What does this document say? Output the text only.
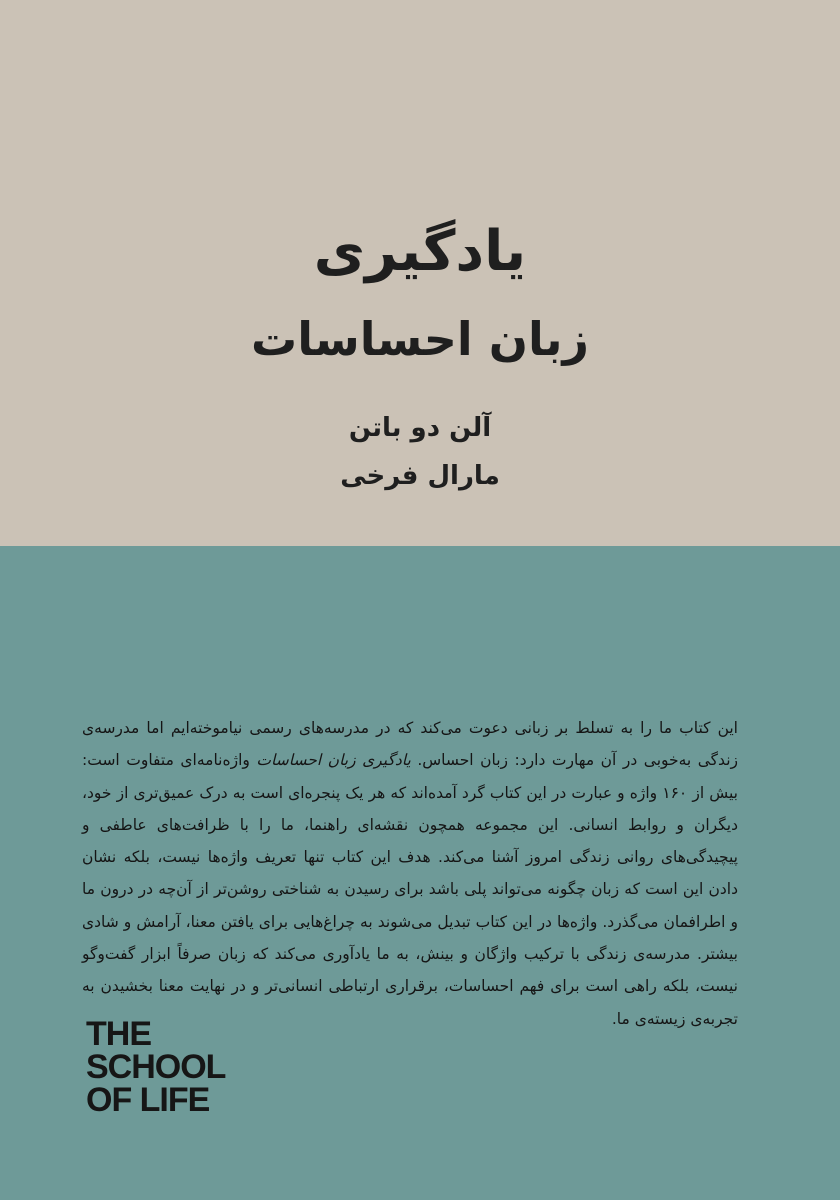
یادگیری
زبان احساسات
آلن دو باتن
مارال فرخی

این کتاب ما را به تسلط بر زبانی دعوت می‌کند که در مدرسه‌های رسمی نیاموخته‌ایم اما مدرسه‌ی زندگی به‌خوبی در آن مهارت دارد: زبان احساس. یادگیری زبان احساسات واژه‌نامه‌ای متفاوت است: بیش از ۱۶۰ واژه و عبارت در این کتاب گرد آمده‌اند که هر یک پنجره‌ای است به درک عمیق‌تری از خود، دیگران و روابط انسانی. این مجموعه همچون نقشه‌ای راهنما، ما را با ظرافت‌های عاطفی و پیچیدگی‌های روانی زندگی امروز آشنا می‌کند. هدف این کتاب تنها تعریف واژه‌ها نیست، بلکه نشان دادن این است که زبان چگونه می‌تواند پلی باشد برای رسیدن به شناختی روشن‌تر از آن‌چه در درون ما و اطرافمان می‌گذرد. واژه‌ها در این کتاب تبدیل می‌شوند به چراغ‌هایی برای یافتن معنا، آرامش و شادی بیشتر. مدرسه‌ی زندگی با ترکیب واژگان و بینش، به ما یادآوری می‌کند که زبان صرفاً ابزار گفت‌وگو نیست، بلکه راهی است برای فهم احساسات، برقراری ارتباطی انسانی‌تر و در نهایت معنا بخشیدن به تجربه‌ی زیسته‌ی ما.

THE
SCHOOL
OF LIFE
